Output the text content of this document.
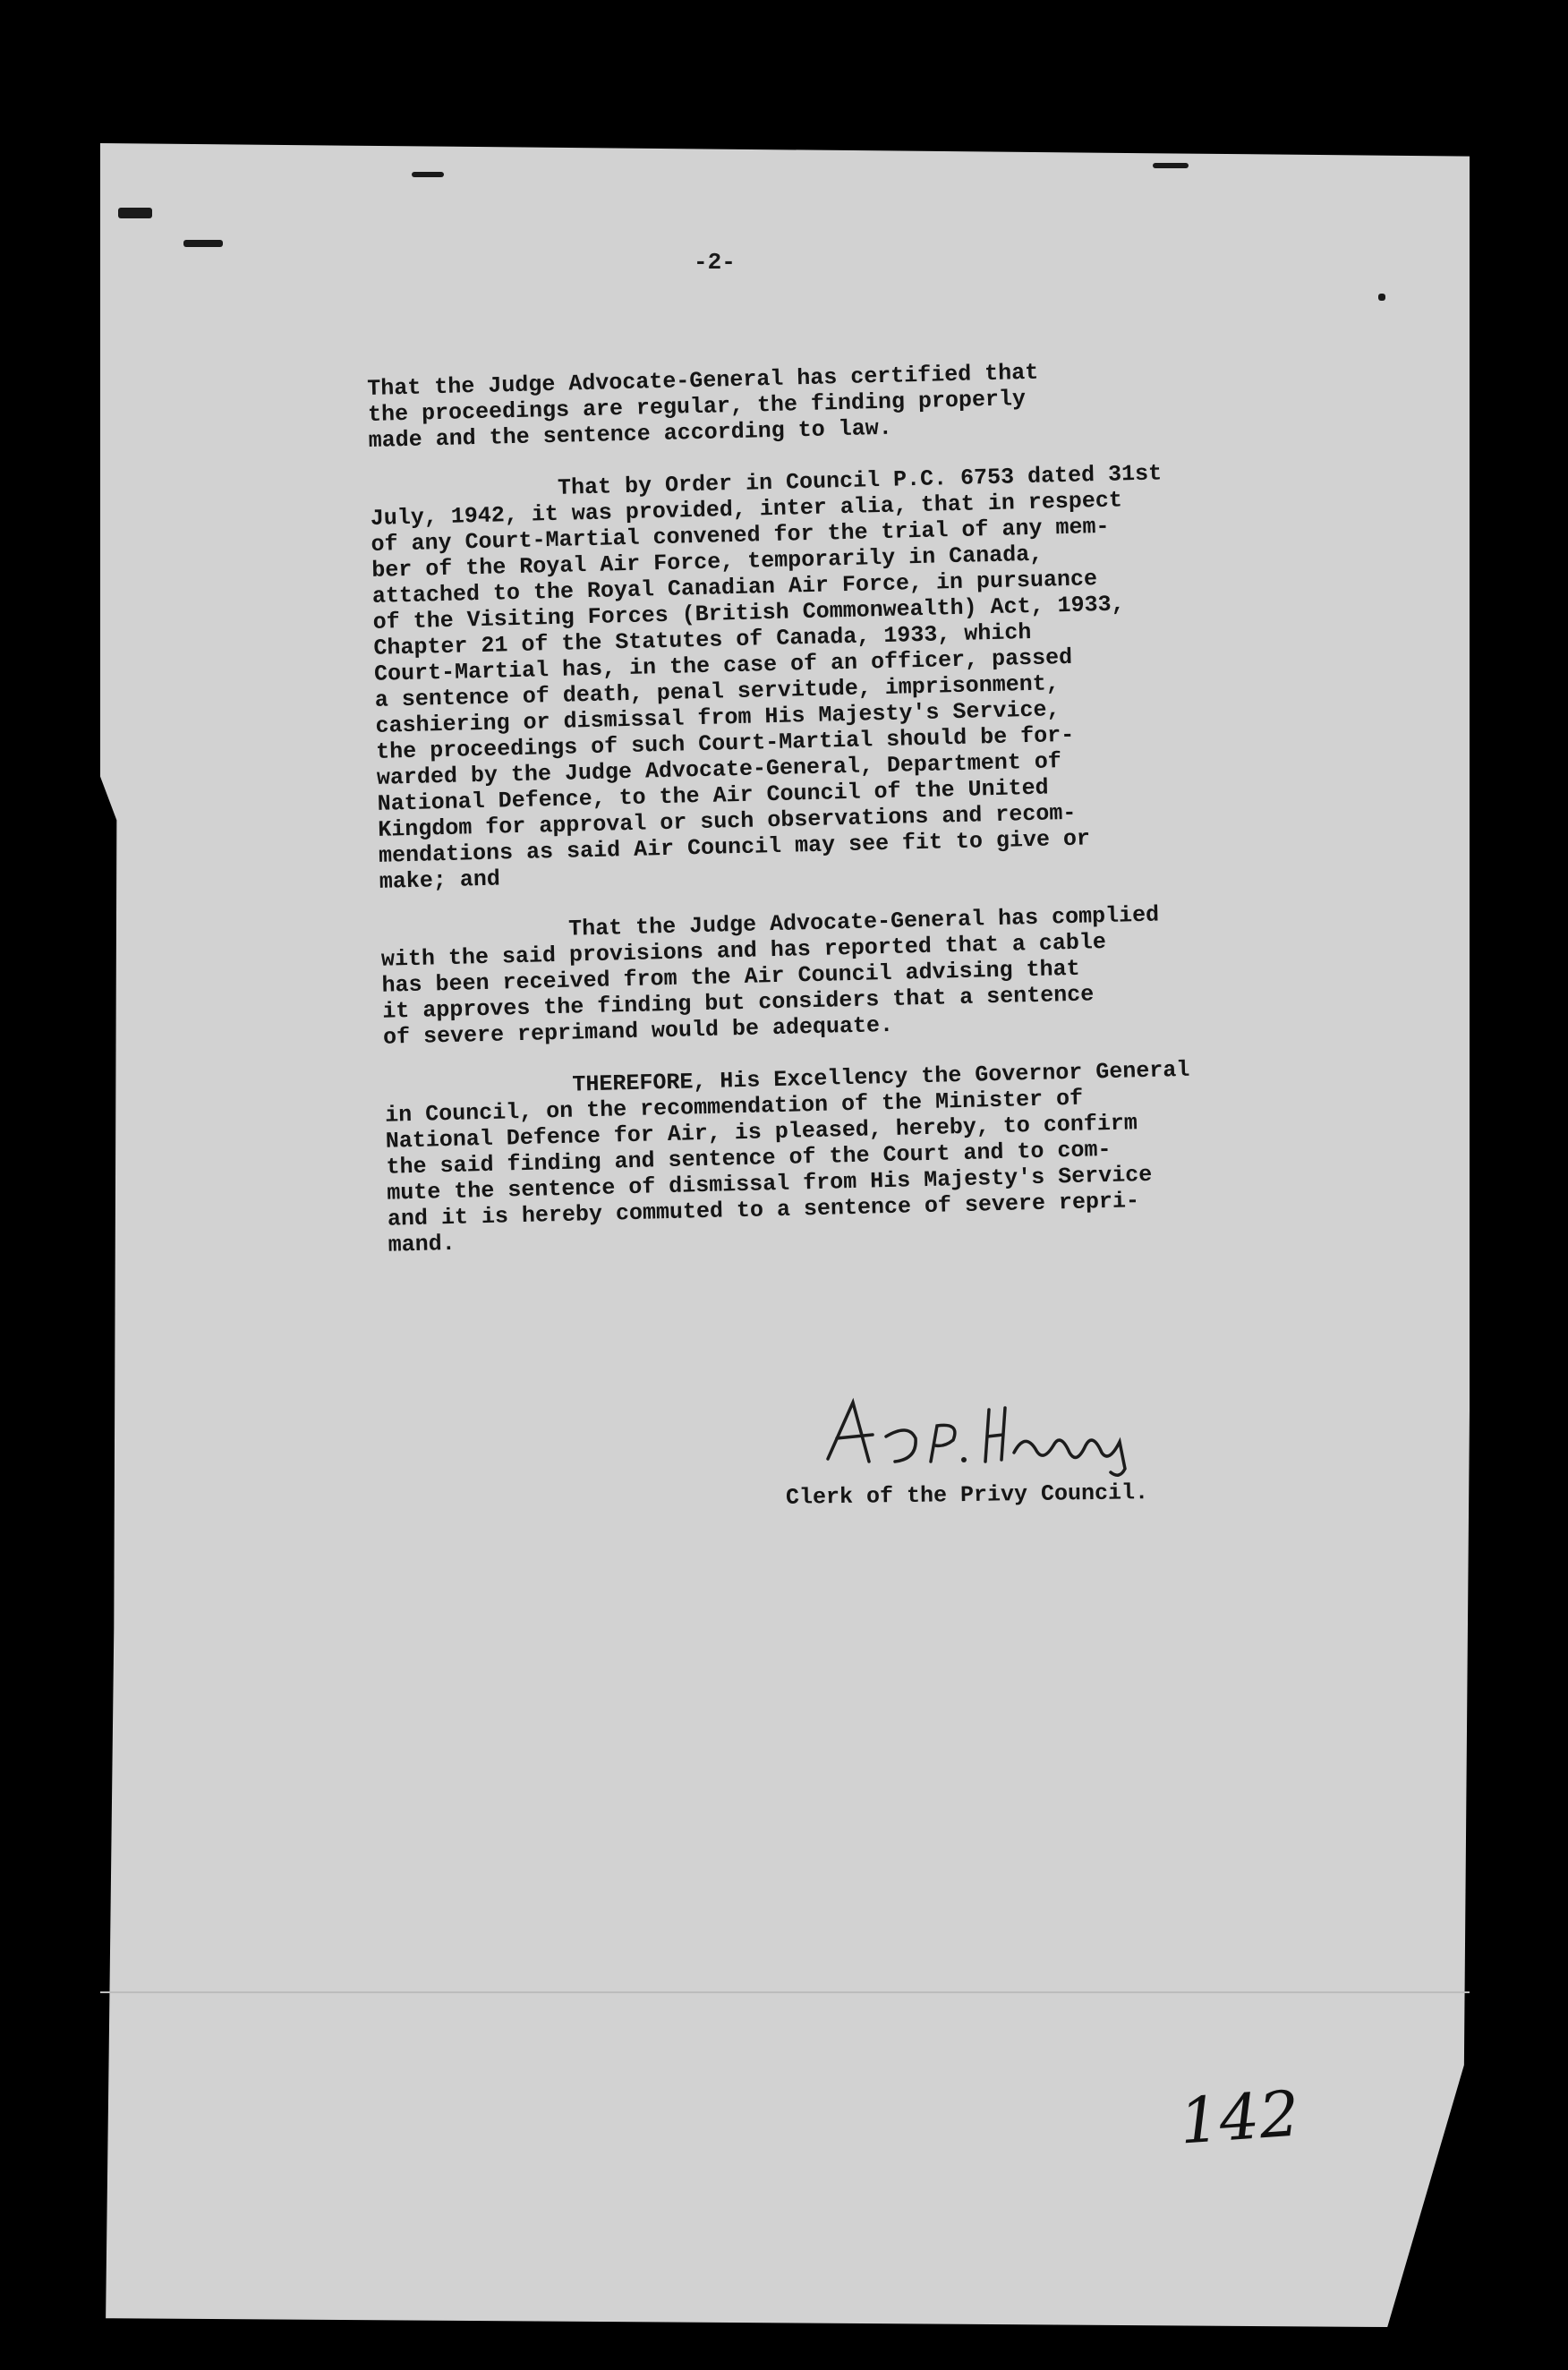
-2-

That the Judge Advocate-General has certified that
the proceedings are regular, the finding properly
made and the sentence according to law.

That by Order in Council P.C. 6753 dated 31st
July, 1942, it was provided, inter alia, that in respect
of any Court-Martial convened for the trial of any mem-
ber of the Royal Air Force, temporarily in Canada,
attached to the Royal Canadian Air Force, in pursuance
of the Visiting Forces (British Commonwealth) Act, 1933,
Chapter 21 of the Statutes of Canada, 1933, which
Court-Martial has, in the case of an officer, passed
a sentence of death, penal servitude, imprisonment,
cashiering or dismissal from His Majesty's Service,
the proceedings of such Court-Martial should be for-
warded by the Judge Advocate-General, Department of
National Defence, to the Air Council of the United
Kingdom for approval or such observations and recom-
mendations as said Air Council may see fit to give or
make; and

That the Judge Advocate-General has complied
with the said provisions and has reported that a cable
has been received from the Air Council advising that
it approves the finding but considers that a sentence
of severe reprimand would be adequate.

THEREFORE, His Excellency the Governor General
in Council, on the recommendation of the Minister of
National Defence for Air, is pleased, hereby, to confirm
the said finding and sentence of the Court and to com-
mute the sentence of dismissal from His Majesty's Service
and it is hereby commuted to a sentence of severe repri-
mand.

Clerk of the Privy Council.
142
